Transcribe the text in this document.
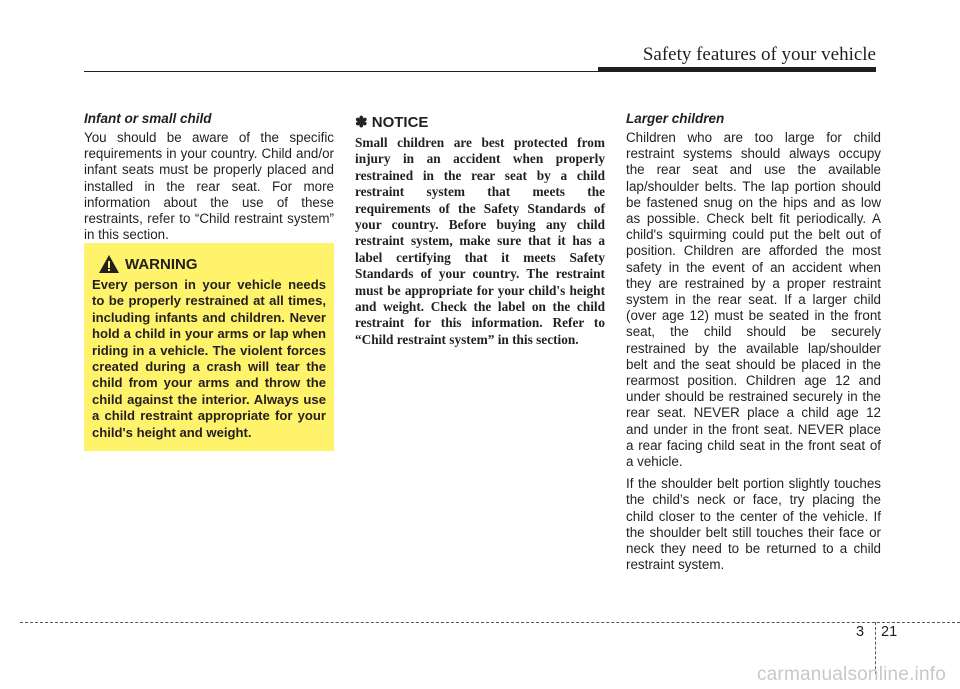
Safety features of your vehicle

Infant or small child

You should be aware of the specific requirements in your country. Child and/or infant seats must be properly placed and installed in the rear seat. For more information about the use of these restraints, refer to “Child restraint system” in this section.

WARNING

Every person in your vehicle needs to be properly restrained at all times, including infants and children. Never hold a child in your arms or lap when riding in a vehicle. The violent forces created during a crash will tear the child from your arms and throw the child against the interior. Always use a child restraint appropriate for your child's height and weight.

✽ NOTICE

Small children are best protected from injury in an accident when properly restrained in the rear seat by a child restraint system that meets the requirements of the Safety Standards of your country. Before buying any child restraint system, make sure that it has a label certifying that it meets Safety Standards of your country. The restraint must be appropriate for your child's height and weight. Check the label on the child restraint for this information. Refer to “Child restraint system” in this section.

Larger children

Children who are too large for child restraint systems should always occupy the rear seat and use the available lap/shoulder belts. The lap portion should be fastened snug on the hips and as low as possible. Check belt fit periodically. A child's squirming could put the belt out of position. Children are afforded the most safety in the event of an accident when they are restrained by a proper restraint system in the rear seat. If a larger child (over age 12) must be seated in the front seat, the child should be securely restrained by the available lap/shoulder belt and the seat should be placed in the rearmost position. Children age 12 and under should be restrained securely in the rear seat. NEVER place a child age 12 and under in the front seat. NEVER place a rear facing child seat in the front seat of a vehicle.

If the shoulder belt portion slightly touches the child’s neck or face, try placing the child closer to the center of the vehicle. If the shoulder belt still touches their face or neck they need to be returned to a child restraint system.

3 21
carmanualsonline.info
